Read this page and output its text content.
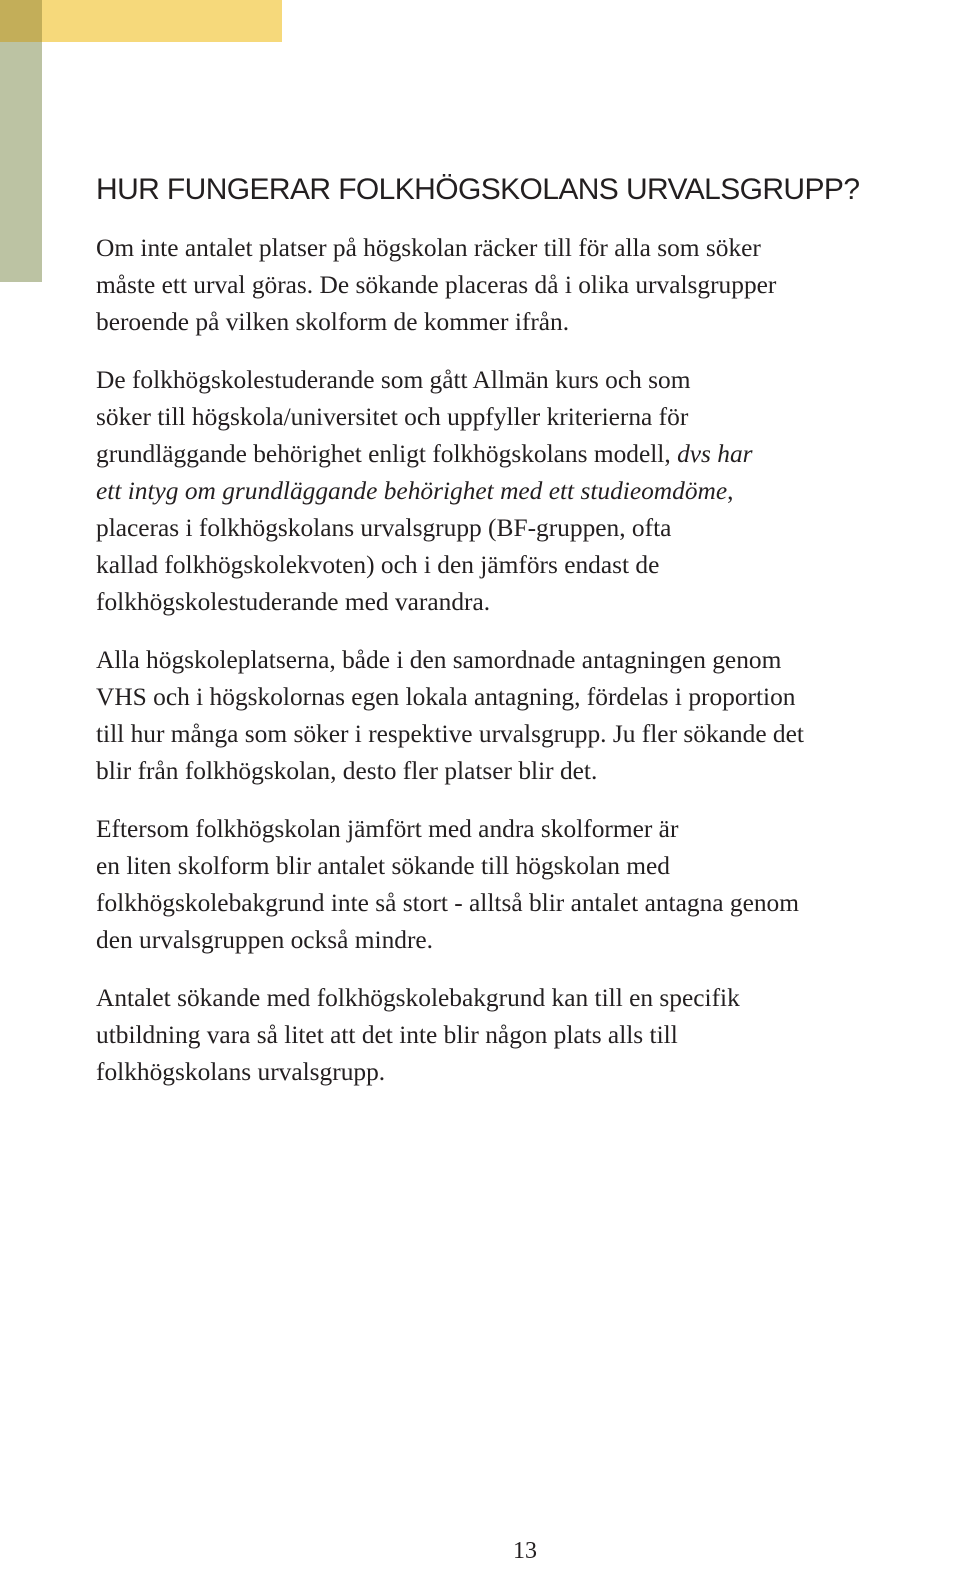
HUR FUNGERAR FOLKHÖGSKOLANS URVALSGRUPP?

Om inte antalet platser på högskolan räcker till för alla som söker
måste ett urval göras. De sökande placeras då i olika urvalsgrupper
beroende på vilken skolform de kommer ifrån.

De folkhögskolestuderande som gått Allmän kurs och som
söker till högskola/universitet och uppfyller kriterierna för
grundläggande behörighet enligt folkhögskolans modell, dvs har
ett intyg om grundläggande behörighet med ett studieomdöme,
placeras i folkhögskolans urvalsgrupp (BF-gruppen, ofta
kallad folkhögskolekvoten) och i den jämförs endast de
folkhögskolestuderande med varandra.

Alla högskoleplatserna, både i den samordnade antagningen genom
VHS och i högskolornas egen lokala antagning, fördelas i proportion
till hur många som söker i respektive urvalsgrupp. Ju fler sökande det
blir från folkhögskolan, desto fler platser blir det.

Eftersom folkhögskolan jämfört med andra skolformer är
en liten skolform blir antalet sökande till högskolan med
folkhögskolebakgrund inte så stort - alltså blir antalet antagna genom
den urvalsgruppen också mindre.

Antalet sökande med folkhögskolebakgrund kan till en specifik
utbildning vara så litet att det inte blir någon plats alls till
folkhögskolans urvalsgrupp.

13
